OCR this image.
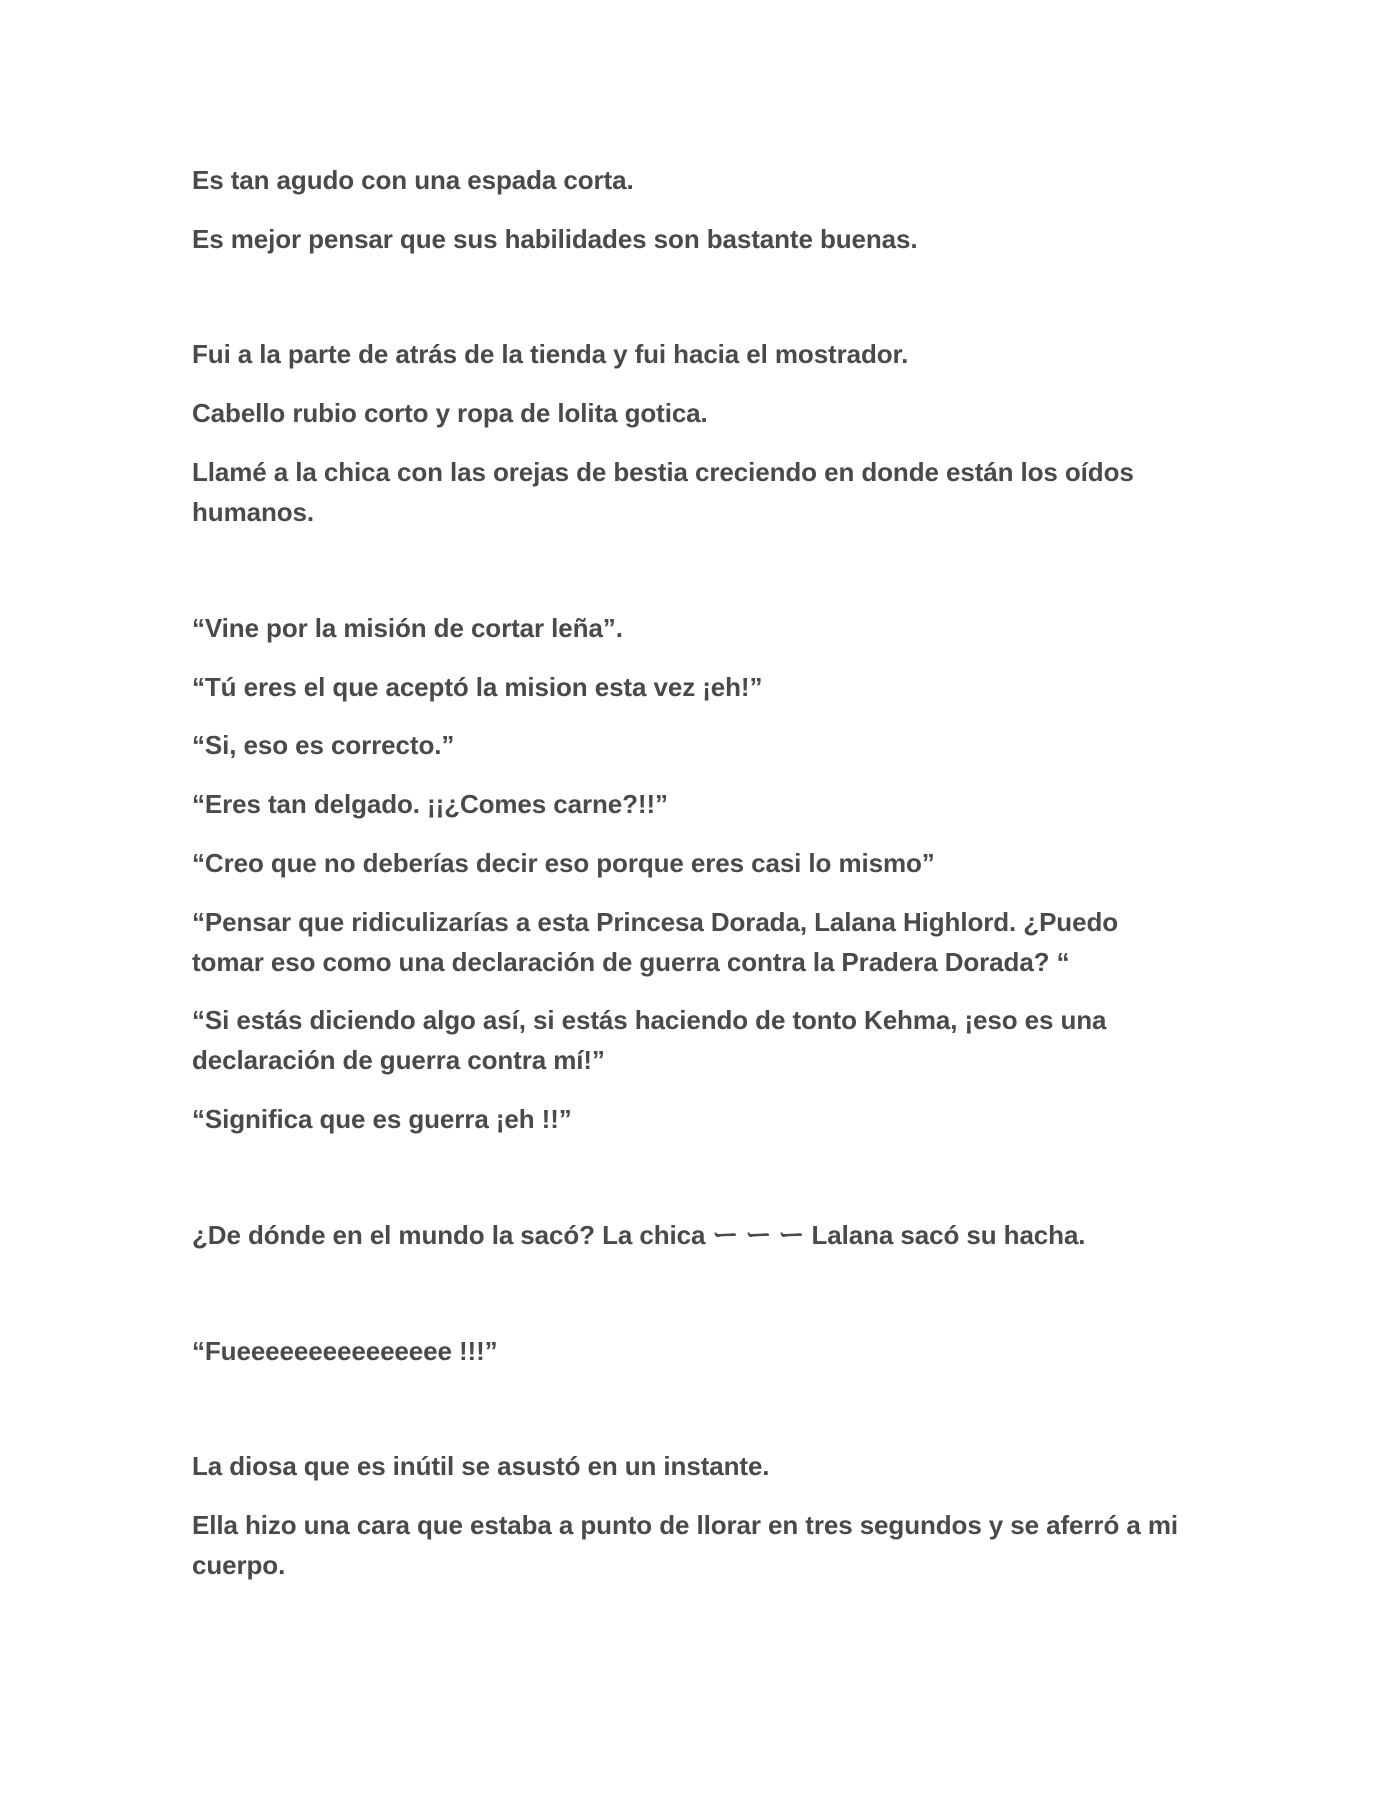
Es tan agudo con una espada corta.

Es mejor pensar que sus habilidades son bastante buenas.

Fui a la parte de atrás de la tienda y fui hacia el mostrador.

Cabello rubio corto y ropa de lolita gotica.

Llamé a la chica con las orejas de bestia creciendo en donde están los oídos humanos.

“Vine por la misión de cortar leña”.

“Tú eres el que aceptó la mision esta vez ¡eh!”

“Si, eso es correcto.”

“Eres tan delgado. ¡¡¿Comes carne?!!”

“Creo que no deberías decir eso porque eres casi lo mismo”

“Pensar que ridiculizarías a esta Princesa Dorada, Lalana Highlord. ¿Puedo tomar eso como una declaración de guerra contra la Pradera Dorada? “

“Si estás diciendo algo así, si estás haciendo de tonto Kehma, ¡eso es una declaración de guerra contra mí!”

“Significa que es guerra ¡eh !!”

¿De dónde en el mundo la sacó? La chica ー ー ー Lalana sacó su hacha.

“Fueeeeeeeeeeeeeee !!!”

La diosa que es inútil se asustó en un instante.

Ella hizo una cara que estaba a punto de llorar en tres segundos y se aferró a mi cuerpo.
